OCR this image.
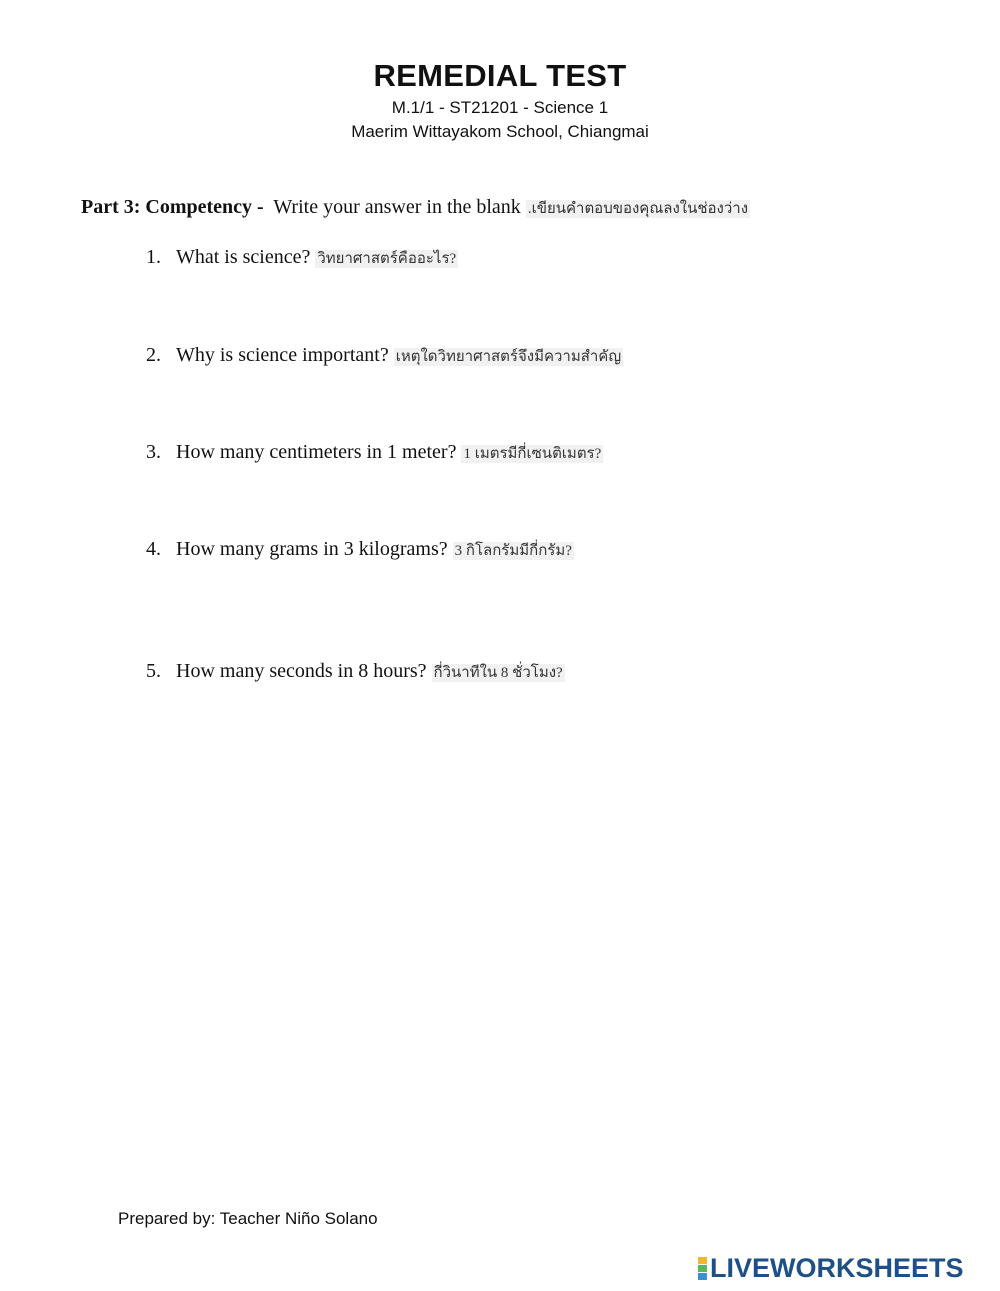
REMEDIAL TEST

M.1/1 - ST21201 - Science 1

Maerim Wittayakom School, Chiangmai

Part 3: Competency - Write your answer in the blank .เขียนคำตอบของคุณลงในช่องว่าง
1. What is science? วิทยาศาสตร์คืออะไร?
2. Why is science important? เหตุใดวิทยาศาสตร์จึงมีความสำคัญ
3. How many centimeters in 1 meter? 1 เมตรมีกี่เซนติเมตร?
4. How many grams in 3 kilograms? 3 กิโลกรัมมีกี่กรัม?
5. How many seconds in 8 hours? กี่วินาทีใน 8 ชั่วโมง?
Prepared by: Teacher Niño Solano
LIVEWORKSHEETS
